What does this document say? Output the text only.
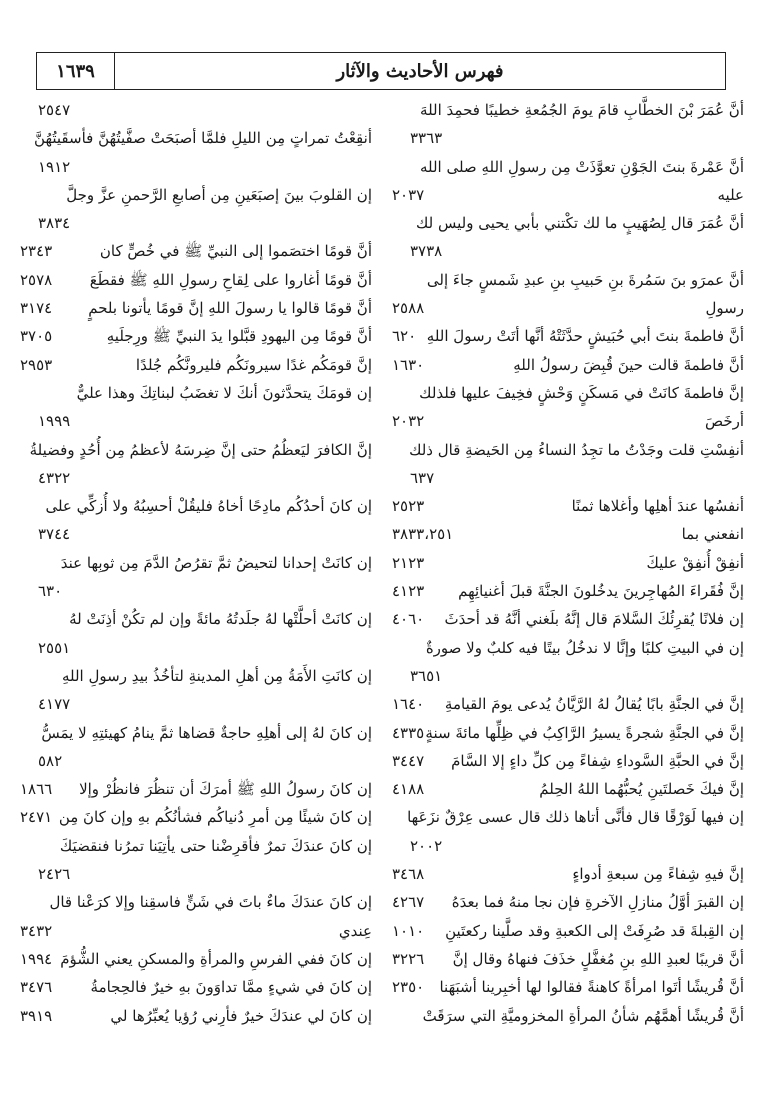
١٦٣٩	فهرس الأحاديث والآثار
أنَّ عُمَرَ بْنَ الخطَّابِ قامَ يومَ الجُمُعةِ خطيبًا فحمِدَ اللهَ
٣٣٦٣
أنَّ عَمْرةَ بنتَ الجَوْنِ تعوَّذَتْ مِن رسولِ اللهِ صلى الله
عليه
٢٠٣٧
أنَّ عُمَرَ قال لِصُهَيبٍ ما لك تكْتني بأبي يحيى وليس لك
٣٧٣٨
أنَّ عمرَو بنَ سَمُرةَ بنِ حَبيبِ بنِ عبدِ شَمسٍ جاءَ إلى
رسولِ
٢٥٨٨
أنَّ فاطمةَ بنتَ أبي حُبَيشٍ حدَّثَتْهُ أنَّها أتَتْ رسولَ اللهِ
٦٢٠
أنَّ فاطمةَ قالت حينَ قُبِضَ رسولُ اللهِ
١٦٣٠
إنَّ فاطمةَ كانَتْ في مَسكَنٍ وَحْشٍ فخِيفَ عليها فلذلك
أرخَصَ
٢٠٣٢
أنفِسْتِ قلت وجَدْتُ ما تجِدُ النساءُ مِن الحَيضةِ قال ذلك
٦٣٧
أنفسُها عندَ أهلِها وأغلاها ثمنًا
٢٥٢٣
انفعني بما
٣٨٣٣،٢٥١
أنفِقْ أُنفِقْ عليكَ
٢١٢٣
إنَّ فُقَراءَ المُهاجِرينَ يدخُلونَ الجنَّةَ قبلَ أغنيائِهِم
٤١٢٣
إن فلانًا يُقرِئُكَ السَّلامَ قال إنَّهُ بلَغني أنَّهُ قد أحدَثَ
٤٠٦٠
إن في البيتِ كلبًا وإنَّا لا ندخُلُ بيتًا فيه كلبٌ ولا صورةٌ
٣٦٥١
إنَّ في الجنَّةِ بابًا يُقالُ لهُ الرَّيَّانُ يُدعى يومَ القيامةِ
١٦٤٠
إنَّ في الجنَّةِ شجرةً يسيرُ الرَّاكِبُ في ظِلِّها مائةَ سنةٍ
٤٣٣٥
إنَّ في الحبَّةِ السَّوداءِ شِفاءً مِن كلِّ داءٍ إلا السَّامَ
٣٤٤٧
إنَّ فيكَ خَصلتَينِ يُحبُّهُما اللهُ الحِلمُ
٤١٨٨
إن فيها لَوَرْقًا قال فأنَّى أتاها ذلك قال عسى عِرْقٌ نزَعَها
٢٠٠٢
إنَّ فيهِ شِفاءً مِن سبعةِ أدواءٍ
٣٤٦٨
إن القبرَ أوَّلُ منازلِ الآخرةِ فإن نجا منهُ فما بعدَهُ
٤٢٦٧
إن القِبلةَ قد صُرِفَتْ إلى الكعبةِ وقد صلَّينا ركعتَينِ
١٠١٠
أنَّ قريبًا لعبدِ اللهِ بنِ مُغفَّلٍ خذَفَ فنهاهُ وقال إنَّ
٣٢٢٦
أنَّ قُريشًا أتَوا امرأةً كاهنةً فقالوا لها أخبِرينا أشبَهَنا
٢٣٥٠
أنَّ قُريشًا أهمَّهُم شأنُ المرأةِ المخزوميَّةِ التي سرَقَتْ
٢٥٤٧
أنقِعْتُ تمراتٍ مِن الليلِ فلمَّا أصبَحَتْ صفَّيتُهُنَّ فأسقَيتُهُنَّ
١٩١٢
إن القلوبَ بينَ إصبَعَينِ مِن أصابعِ الرَّحمنِ عزَّ وجلَّ
٣٨٣٤
أنَّ قومًا اختصَموا إلى النبيِّ ﷺ في خُصٍّ كان
٢٣٤٣
أنَّ قومًا أغاروا على لِقاحِ رسولِ اللهِ ﷺ فقطَعَ
٢٥٧٨
أنَّ قومًا قالوا يا رسولَ اللهِ إنَّ قومًا يأتونا بلحمٍ
٣١٧٤
أنَّ قومًا مِن اليهودِ قبَّلوا يدَ النبيِّ ﷺ ورِجلَيهِ
٣٧٠٥
إنَّ قومَكُم غدًا سيرونَكُم فليرونَّكُم جُلدًا
٢٩٥٣
إن قومَكَ يتحدَّثونَ أنكَ لا تغضَبُ لبناتِكَ وهذا عليٌّ
١٩٩٩
إنَّ الكافرَ ليَعظُمُ حتى إنَّ ضِرسَهُ لأعظمُ مِن أُحُدٍ وفضيلةُ
٤٣٢٢
إن كانَ أحدُكُم مادِحًا أخاهُ فليقُلْ أحسِبُهُ ولا أُزكِّي على
٣٧٤٤
إن كانَتْ إحدانا لتحيضُ ثمَّ تقرُصُ الدَّمَ مِن ثوبِها عندَ
٦٣٠
إن كانَتْ أحلَّتْها لهُ جلَدتُهُ مائةً وإن لم تكُنْ أذِنَتْ لهُ
٢٥٥١
إن كانَتِ الأَمَةُ مِن أهلِ المدينةِ لتأخُذُ بيدِ رسولِ اللهِ
٤١٧٧
إن كانَ لهُ إلى أهلِهِ حاجةٌ قضاها ثمَّ ينامُ كهيئتِهِ لا يمَسُّ
٥٨٢
إن كانَ رسولُ اللهِ ﷺ أمرَكَ أن تنظُرَ فانظُرْ وإلا
١٨٦٦
إن كانَ شيئًا مِن أمرِ دُنياكُم فشأنُكُم بهِ وإن كانَ مِن
٢٤٧١
إن كانَ عندَكَ تمرٌ فأقرِضْنا حتى يأتِيَنا تمرُنا فنقضيَكَ
٢٤٢٦
إن كانَ عندَكَ ماءٌ باتَ في شَنٍّ فاسقِنا وإلا كرَعْنا قال
عِندي
٣٤٣٢
إن كانَ ففي الفرسِ والمرأةِ والمسكنِ يعني الشُّؤمَ
١٩٩٤
إن كانَ في شيءٍ ممَّا تداوَونَ بهِ خيرٌ فالحِجامةُ
٣٤٧٦
إن كانَ لي عندَكَ خيرٌ فأرِني رُؤيا يُعبِّرُها لي
٣٩١٩
